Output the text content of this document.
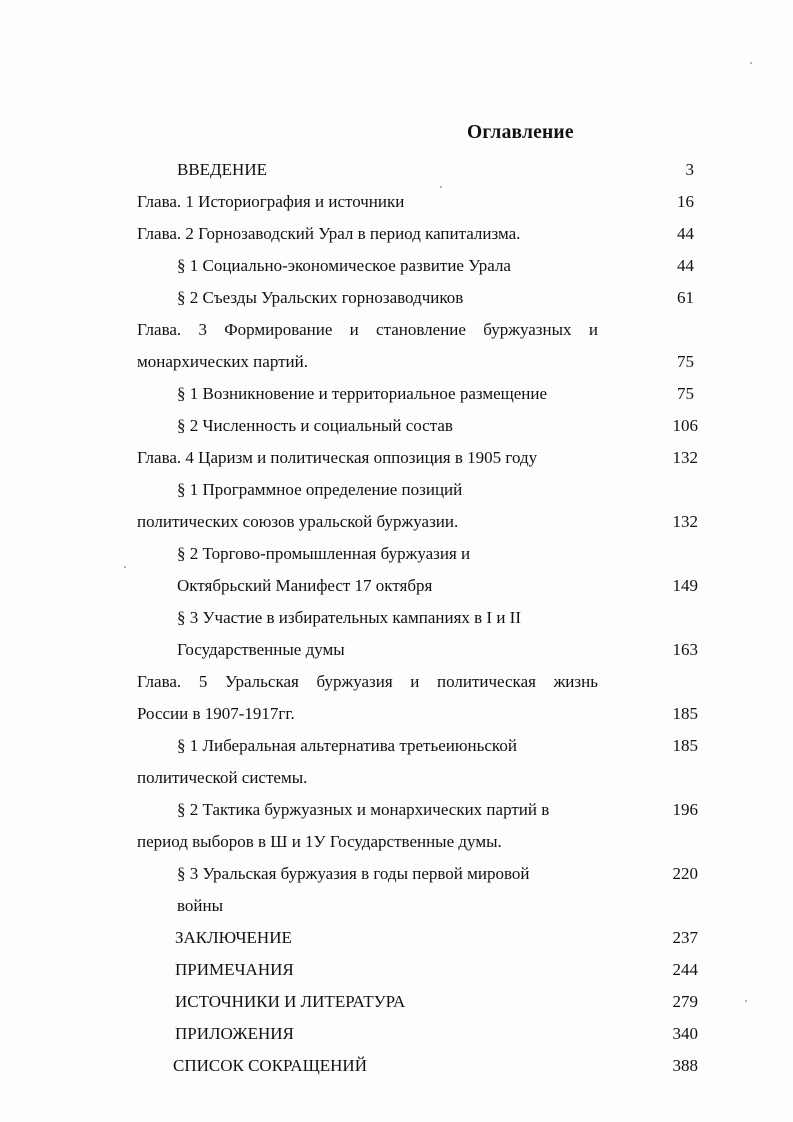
Оглавление
ВВЕДЕНИЕ	3
Глава. 1 Историография и источники	16
Глава. 2 Горнозаводский Урал в период капитализма.	44
§ 1 Социально-экономическое развитие Урала	44
§ 2 Съезды Уральских горнозаводчиков	61
Глава. 3 Формирование и становление буржуазных и
монархических партий.	75
§ 1 Возникновение и территориальное размещение	75
§ 2 Численность и социальный состав	106
Глава. 4 Царизм и политическая оппозиция в 1905 году	132
§ 1 Программное определение позиций
политических союзов уральской буржуазии.	132
§ 2 Торгово-промышленная буржуазия и
Октябрьский Манифест 17 октября	149
§ 3 Участие в избирательных кампаниях в I и II
Государственные думы	163
Глава. 5 Уральская буржуазия и политическая жизнь
России в 1907-1917гг.	185
§ 1 Либеральная альтернатива третьеиюньской	185
политической системы.
§ 2 Тактика буржуазных и монархических партий в	196
период выборов в Ш и 1У Государственные думы.
§ 3 Уральская буржуазия в годы первой мировой	220
войны
ЗАКЛЮЧЕНИЕ	237
ПРИМЕЧАНИЯ	244
ИСТОЧНИКИ И ЛИТЕРАТУРА	279
ПРИЛОЖЕНИЯ	340
СПИСОК СОКРАЩЕНИЙ	388
